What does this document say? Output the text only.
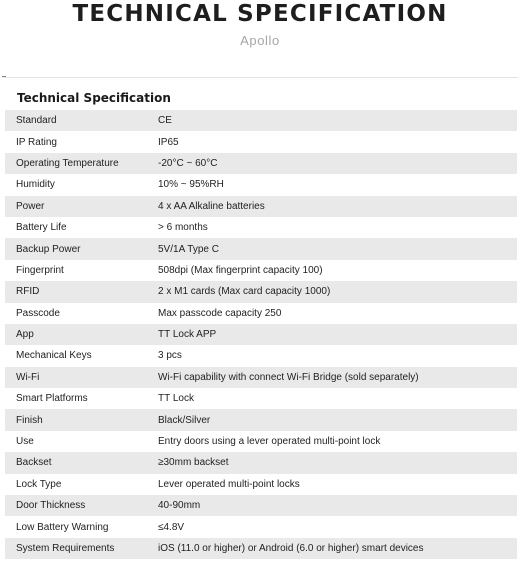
TECHNICAL SPECIFICATION
Apollo
Technical Specification
Standard	CE
IP Rating	IP65
Operating Temperature	-20°C ~ 60°C
Humidity	10% ~ 95%RH
Power	4 x AA Alkaline batteries
Battery Life	> 6 months
Backup Power	5V/1A Type C
Fingerprint	508dpi (Max fingerprint capacity 100)
RFID	2 x M1 cards (Max card capacity 1000)
Passcode	Max passcode capacity 250
App	TT Lock APP
Mechanical Keys	3 pcs
Wi-Fi	Wi-Fi capability with connect Wi-Fi Bridge (sold separately)
Smart Platforms	TT Lock
Finish	Black/Silver
Use	Entry doors using a lever operated multi-point lock
Backset	≥30mm backset
Lock Type	Lever operated multi-point locks
Door Thickness	40-90mm
Low Battery Warning	≤4.8V
System Requirements	iOS (11.0 or higher) or Android (6.0 or higher) smart devices
